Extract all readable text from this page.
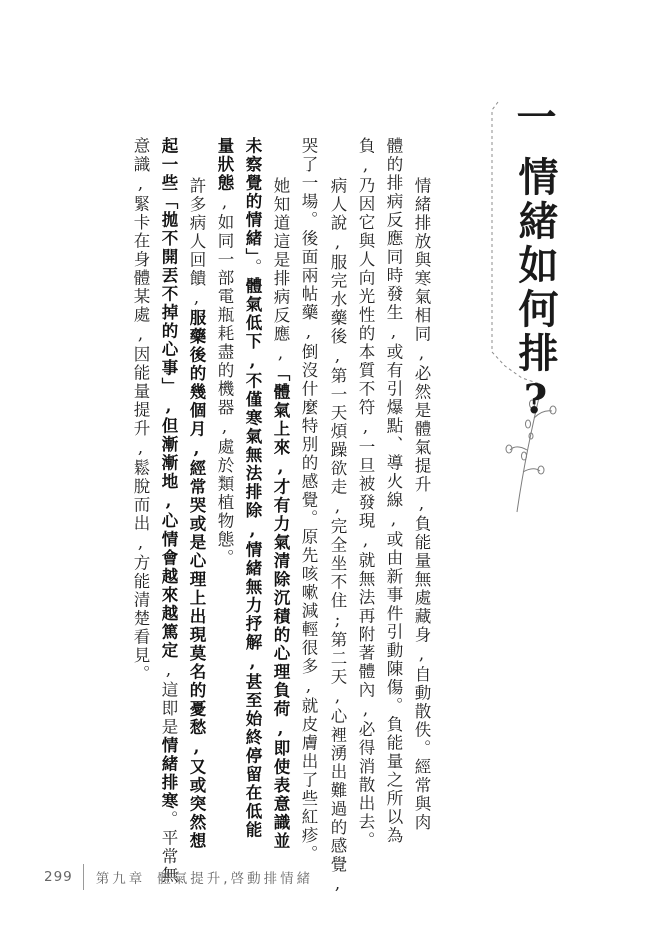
一
情緒如何排?
情緒排放與寒氣相同,必然是體氣提升,負能量無處藏身,自動散佚。經常與肉
體的排病反應同時發生,或有引爆點、導火線,或由新事件引動陳傷。負能量之所以為
負,乃因它與人向光性的本質不符,一旦被發現,就無法再附著體內,必得消散出去。
病人說,服完水藥後,第一天煩躁欲走,完全坐不住;第二天,心裡湧出難過的感覺,
哭了一場。後面兩帖藥,倒沒什麼特別的感覺。原先咳嗽減輕很多,就皮膚出了些紅疹。
她知道這是排病反應,「體氣上來,才有力氣清除沉積的心理負荷,即使表意識並
未察覺的情緒」。體氣低下,不僅寒氣無法排除,情緒無力抒解,甚至始終停留在低能
量狀態,如同一部電瓶耗盡的機器,處於類植物態。
許多病人回饋,服藥後的幾個月,經常哭或是心理上出現莫名的憂愁,又或突然想
起一些「拋不開丟不掉的心事」,但漸漸地,心情會越來越篤定,這即是情緒排寒。平常無
意識,緊卡在身體某處,因能量提升,鬆脫而出,方能清楚看見。
299 第九章 體氣提升,啓動排情緒
